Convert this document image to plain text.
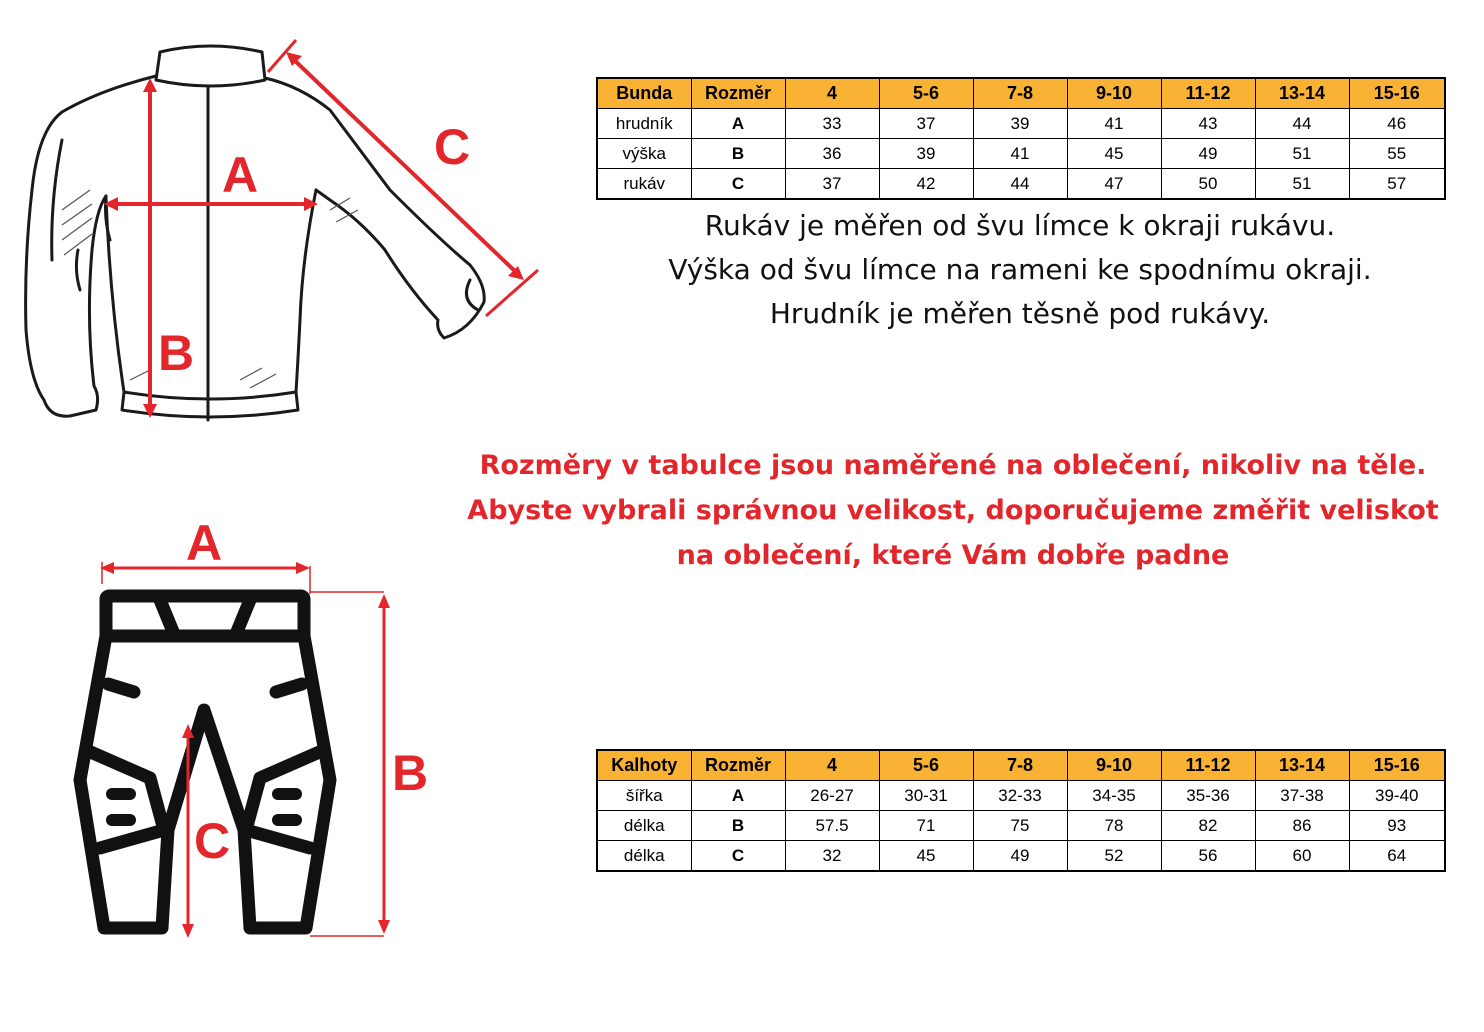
A
B
C
A
B
C
Bunda	Rozměr	4	5-6	7-8	9-10	11-12	13-14	15-16
hrudník	A	33	37	39	41	43	44	46
výška	B	36	39	41	45	49	51	55
rukáv	C	37	42	44	47	50	51	57
Rukáv je měřen od švu límce k okraji rukávu.
Výška od švu límce na rameni ke spodnímu okraji.
Hrudník je měřen těsně pod rukávy.
Rozměry v tabulce jsou naměřené na oblečení, nikoliv na těle.
Abyste vybrali správnou velikost, doporučujeme změřit veliskot
na oblečení, které Vám dobře padne
Kalhoty	Rozměr	4	5-6	7-8	9-10	11-12	13-14	15-16
šířka	A	26-27	30-31	32-33	34-35	35-36	37-38	39-40
délka	B	57.5	71	75	78	82	86	93
délka	C	32	45	49	52	56	60	64
